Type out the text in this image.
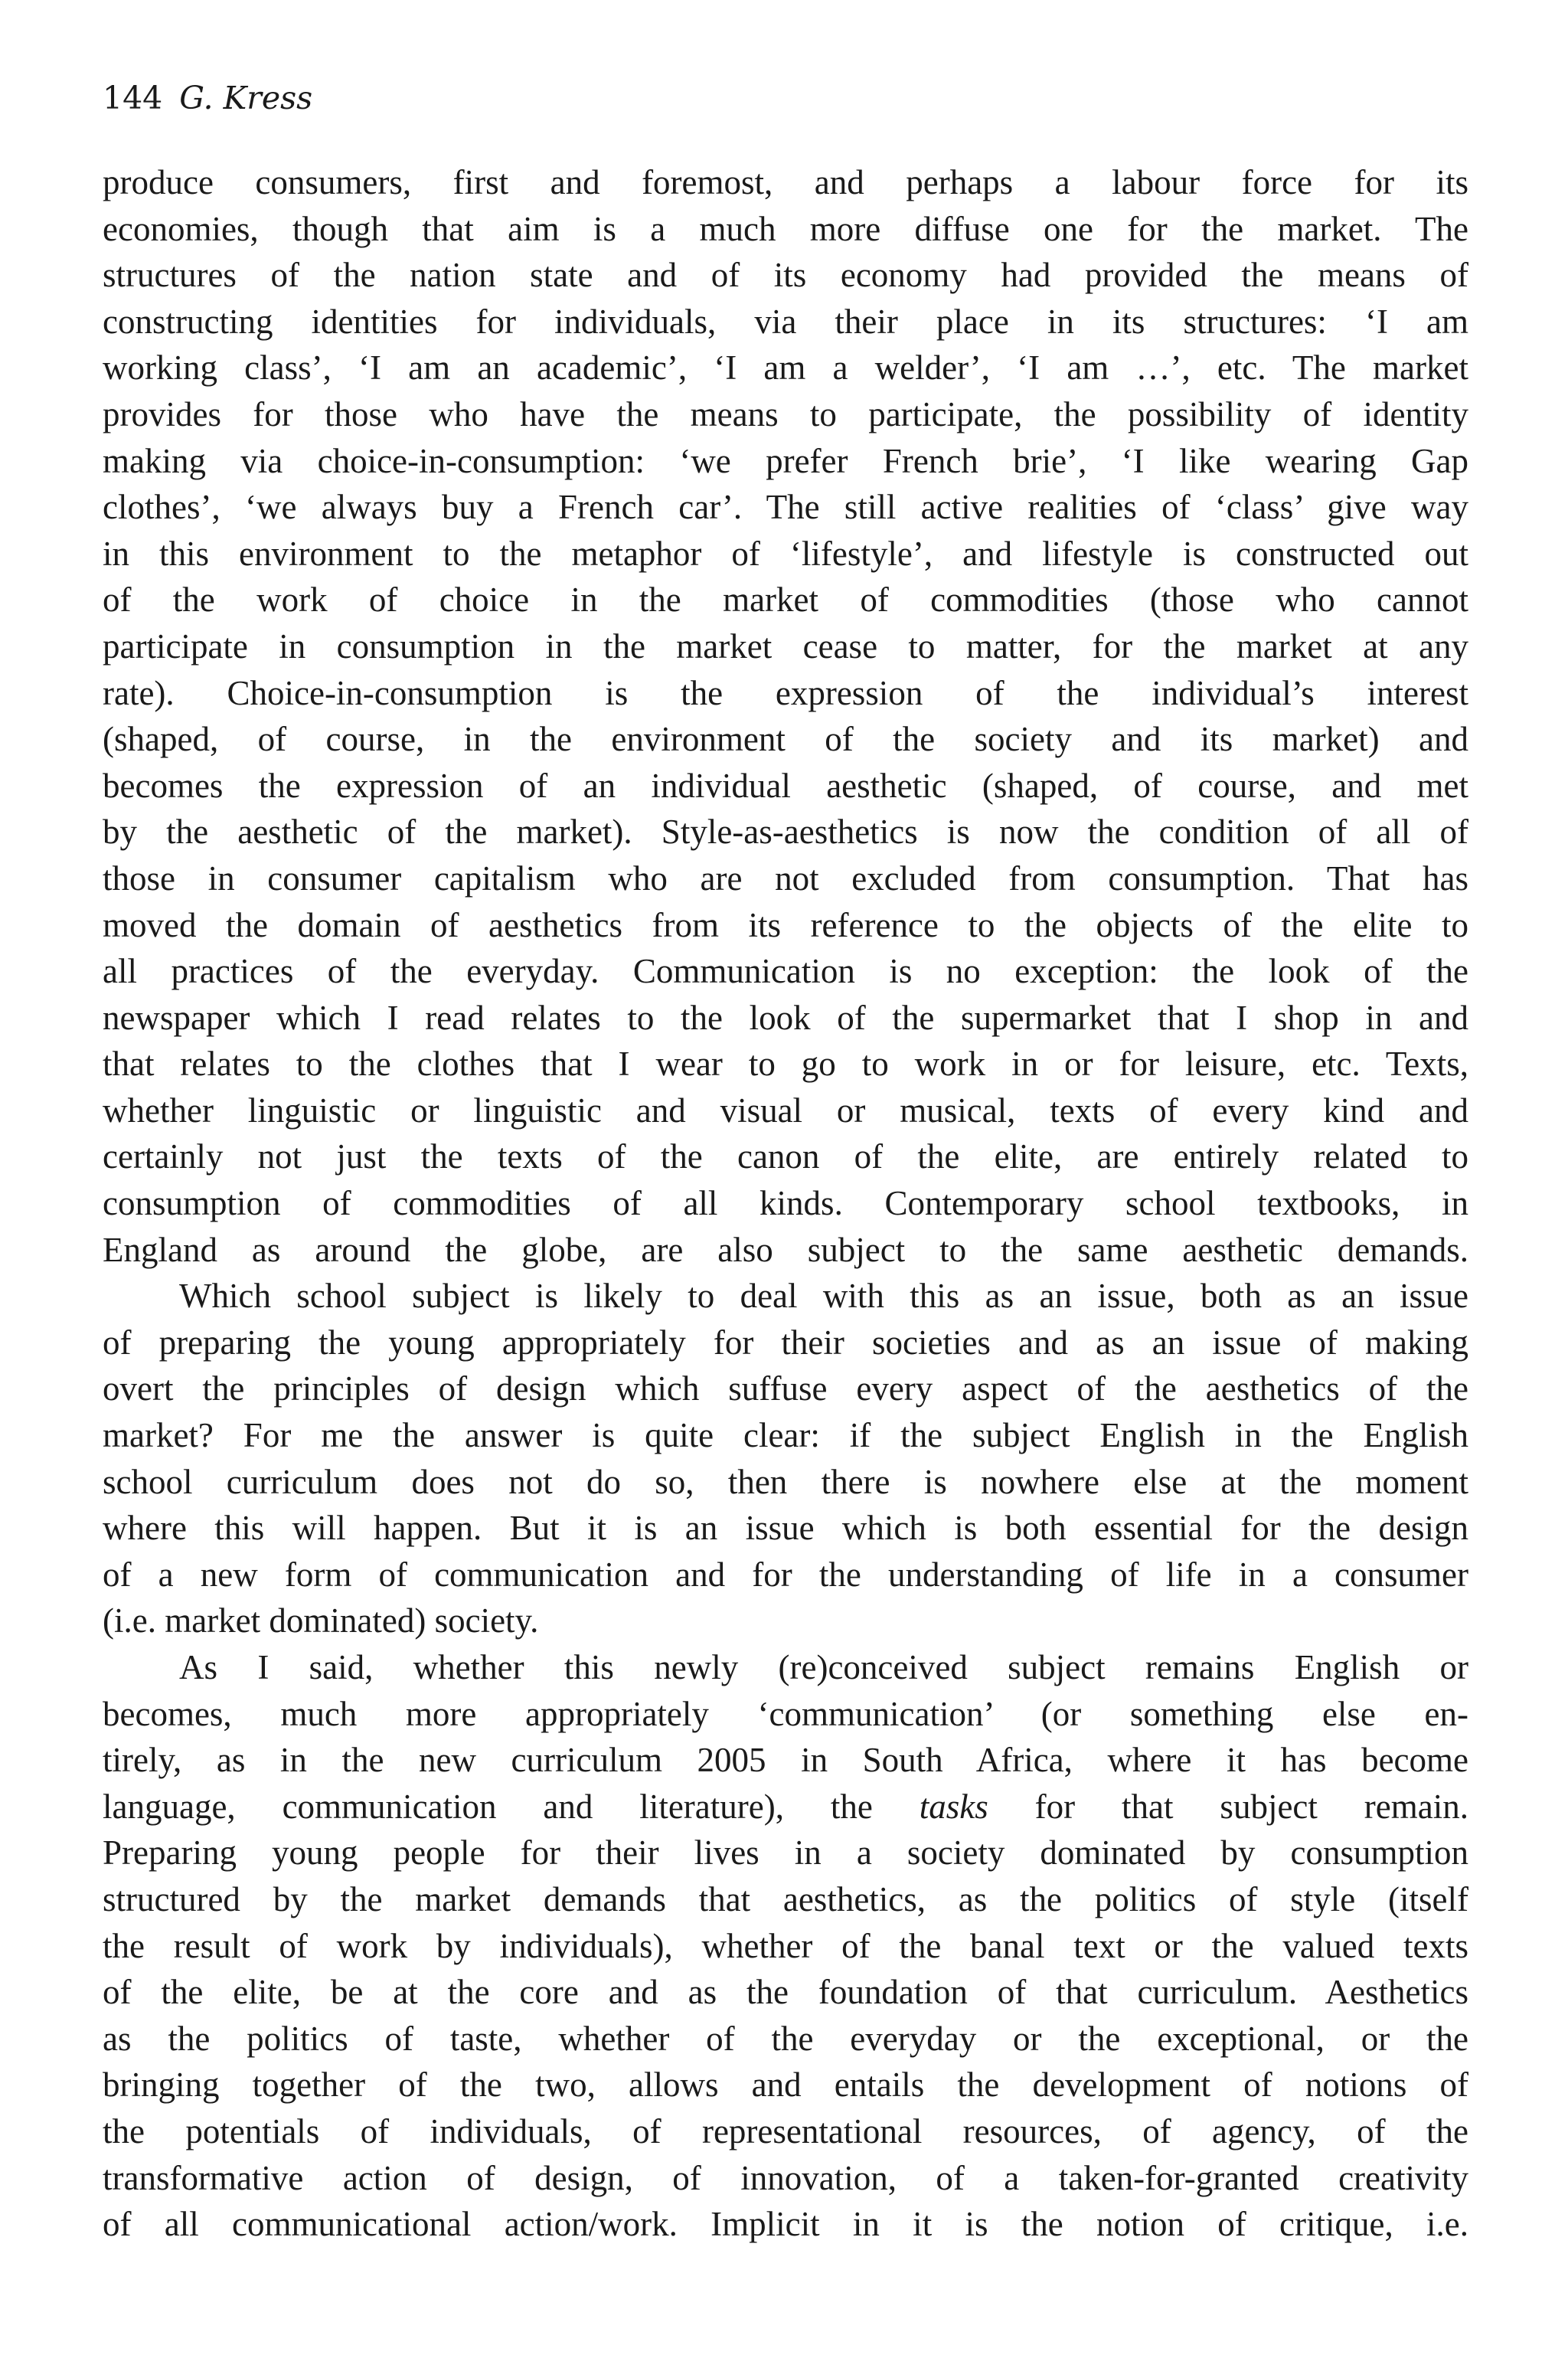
144 G. Kress
produce consumers, first and foremost, and perhaps a labour force for its
economies, though that aim is a much more diffuse one for the market. The
structures of the nation state and of its economy had provided the means of
constructing identities for individuals, via their place in its structures: ‘I am
working class’, ‘I am an academic’, ‘I am a welder’, ‘I am …’, etc. The market
provides for those who have the means to participate, the possibility of identity
making via choice-in-consumption: ‘we prefer French brie’, ‘I like wearing Gap
clothes’, ‘we always buy a French car’. The still active realities of ‘class’ give way
in this environment to the metaphor of ‘lifestyle’, and lifestyle is constructed out
of the work of choice in the market of commodities (those who cannot
participate in consumption in the market cease to matter, for the market at any
rate). Choice-in-consumption is the expression of the individual’s interest
(shaped, of course, in the environment of the society and its market) and
becomes the expression of an individual aesthetic (shaped, of course, and met
by the aesthetic of the market). Style-as-aesthetics is now the condition of all of
those in consumer capitalism who are not excluded from consumption. That has
moved the domain of aesthetics from its reference to the objects of the elite to
all practices of the everyday. Communication is no exception: the look of the
newspaper which I read relates to the look of the supermarket that I shop in and
that relates to the clothes that I wear to go to work in or for leisure, etc. Texts,
whether linguistic or linguistic and visual or musical, texts of every kind and
certainly not just the texts of the canon of the elite, are entirely related to
consumption of commodities of all kinds. Contemporary school textbooks, in
England as around the globe, are also subject to the same aesthetic demands.
Which school subject is likely to deal with this as an issue, both as an issue
of preparing the young appropriately for their societies and as an issue of making
overt the principles of design which suffuse every aspect of the aesthetics of the
market? For me the answer is quite clear: if the subject English in the English
school curriculum does not do so, then there is nowhere else at the moment
where this will happen. But it is an issue which is both essential for the design
of a new form of communication and for the understanding of life in a consumer
(i.e. market dominated) society.
As I said, whether this newly (re)conceived subject remains English or
becomes, much more appropriately ‘communication’ (or something else en-
tirely, as in the new curriculum 2005 in South Africa, where it has become
language, communication and literature), the tasks for that subject remain.
Preparing young people for their lives in a society dominated by consumption
structured by the market demands that aesthetics, as the politics of style (itself
the result of work by individuals), whether of the banal text or the valued texts
of the elite, be at the core and as the foundation of that curriculum. Aesthetics
as the politics of taste, whether of the everyday or the exceptional, or the
bringing together of the two, allows and entails the development of notions of
the potentials of individuals, of representational resources, of agency, of the
transformative action of design, of innovation, of a taken-for-granted creativity
of all communicational action/work. Implicit in it is the notion of critique, i.e.
